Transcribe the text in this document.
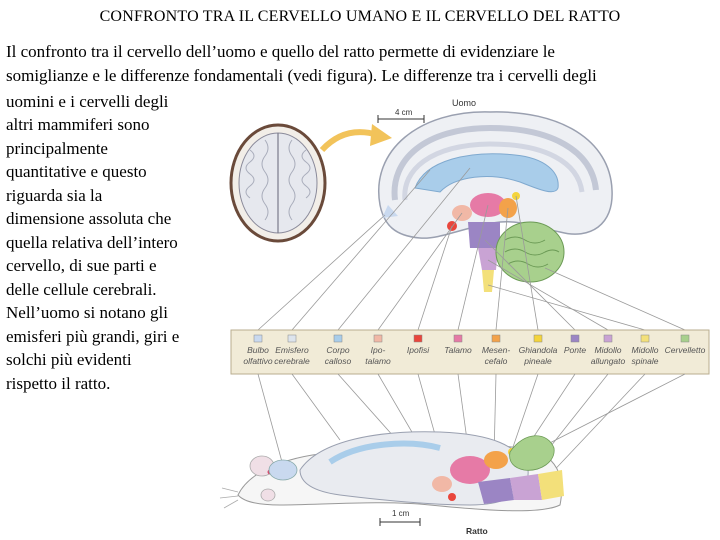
CONFRONTO TRA IL CERVELLO UMANO E IL CERVELLO DEL RATTO
Il confronto tra il cervello dell’uomo e quello del ratto permette di evidenziare le
somiglianze e le differenze fondamentali (vedi figura). Le differenze tra i cervelli degli
uomini e i cervelli degli
altri mammiferi sono
principalmente
quantitative e questo
riguarda sia la
dimensione assoluta che
quella relativa dell’intero
cervello, di sue parti e
delle cellule cerebrali.
Nell’uomo si notano gli
emisferi più grandi, giri e
solchi più evidenti
rispetto il ratto.
4 cm
Uomo
Bulbo
olfattivo
Emisfero
cerebrale
Corpo
calloso
Ipo-
talamo
Ipofisi Talamo Mesen-
cefalo
Ghiandola
pineale
Ponte Midollo
allungato
Midollo
spinale
Cervelletto
1 cm
Ratto
